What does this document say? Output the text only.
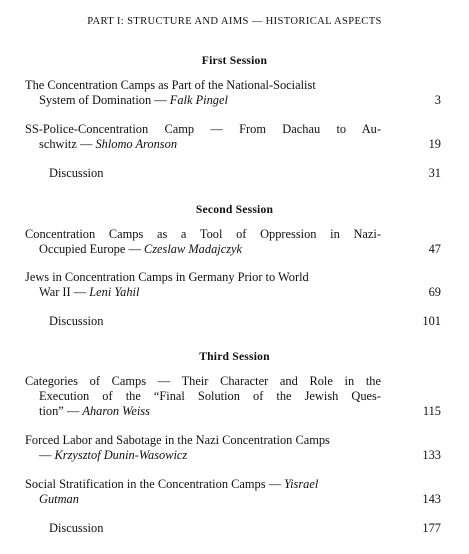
PART I: STRUCTURE AND AIMS — HISTORICAL ASPECTS
First Session
The Concentration Camps as Part of the National-Socialist
System of Domination — Falk Pingel	3
SS-Police-Concentration Camp — From Dachau to Au-
schwitz — Shlomo Aronson	19
Discussion	31
Second Session
Concentration Camps as a Tool of Oppression in Nazi-
Occupied Europe — Czeslaw Madajczyk	47
Jews in Concentration Camps in Germany Prior to World
War II — Leni Yahil	69
Discussion	101
Third Session
Categories of Camps — Their Character and Role in the
Execution of the “Final Solution of the Jewish Ques-
tion” — Aharon Weiss	115
Forced Labor and Sabotage in the Nazi Concentration Camps
— Krzysztof Dunin-Wasowicz	133
Social Stratification in the Concentration Camps — Yisrael
Gutman	143
Discussion	177
